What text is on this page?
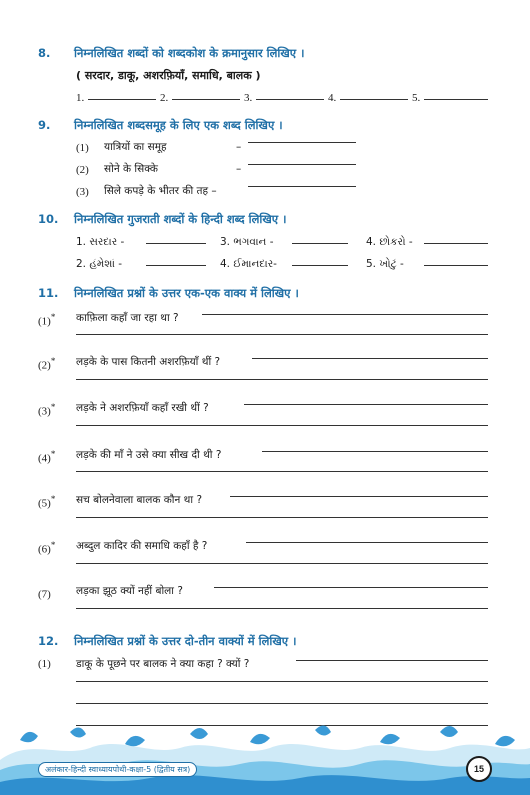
8. निम्नलिखित शब्दों को शब्दकोश के क्रमानुसार लिखिए ।
( सरदार, डाकू, अशरफ़ियाँ, समाधि, बालक )
1.	2.	3.	4.	5.
9. निम्नलिखित शब्दसमूह के लिए एक शब्द लिखिए ।
(1) यात्रियों का समूह	–
(2) सोने के सिक्के	–
(3) सिले कपड़े के भीतर की तह –
10. निम्नलिखित गुजराती शब्दों के हिन्दी शब्द लिखिए ।
1. સરદાર -	3. ભગવાન -	4. છોકરો -
2. હંમેશાં -	4. ઈમાનદાર-	5. ખોટું -
11. निम्नलिखित प्रश्नों के उत्तर एक-एक वाक्य में लिखिए ।
(1)* काफ़िला कहाँ जा रहा था ?
(2)* लड़के के पास कितनी अशरफ़ियाँ थीं ?
(3)* लड़के ने अशरफ़ियाँ कहाँ रखी थीं ?
(4)* लड़के की माँ ने उसे क्या सीख दी थी ?
(5)* सच बोलनेवाला बालक कौन था ?
(6)* अब्दुल कादिर की समाधि कहाँ है ?
(7) लड़का झूठ क्यों नहीं बोला ?
12. निम्नलिखित प्रश्नों के उत्तर दो-तीन वाक्यों में लिखिए ।
(1) डाकू के पूछने पर बालक ने क्या कहा ? क्यों ?
अलंकार-हिन्दी स्वाध्यायपोथी-कक्षा-5 (द्वितीय सत्र)	15
